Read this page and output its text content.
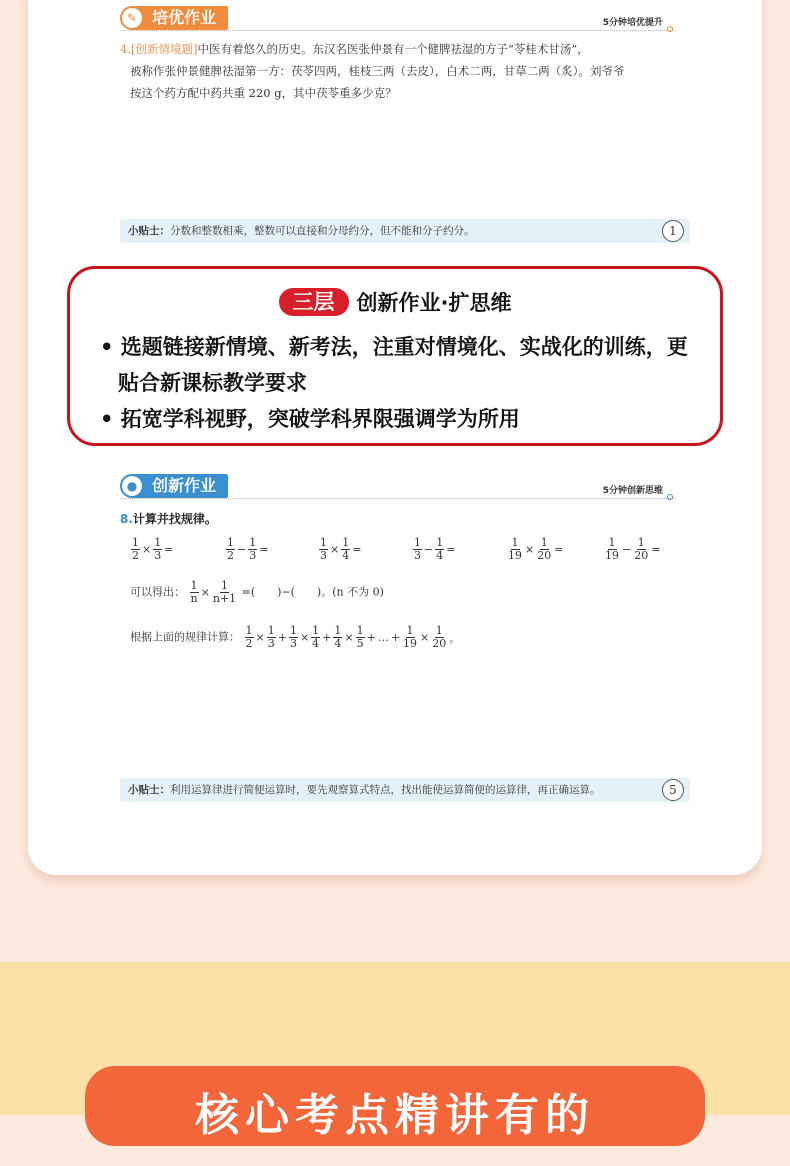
✎ 培优作业	5分钟培优提升
4.[创新情境题]中医有着悠久的历史。东汉名医张仲景有一个健脾祛湿的方子“苓桂术甘汤”，

被称作张仲景健脾祛湿第一方：茯苓四两，桂枝三两（去皮），白术二两，甘草二两（炙）。刘爷爷

按这个药方配中药共重 220 g，其中茯苓重多少克？

小贴士：分数和整数相乘，整数可以直接和分母约分，但不能和分子约分。	1
三层 创新作业·扩思维
• 选题链接新情境、新考法，注重对情境化、实战化的训练，更贴合新课标教学要求
• 拓宽学科视野，突破学科界限强调学为所用
● 创新作业	5分钟创新思维
8.计算并找规律。
$\frac{1}{2} \times \frac{1}{3}$ =	$\frac{1}{2} - \frac{1}{3}$ =	$\frac{1}{3} \times \frac{1}{4}$ =	$\frac{1}{3} - \frac{1}{4}$ =	$\frac{1}{19} \times \frac{1}{20}$ =	$\frac{1}{19} - \frac{1}{20}$ =
可以得出： $\frac{1}{n} \times \frac{1}{n+1}$ =(　　)−(　　)。(n 不为 0)
根据上面的规律计算： $\frac{1}{2} \times \frac{1}{3} + \frac{1}{3} \times \frac{1}{4} + \frac{1}{4} \times \frac{1}{5}$ + … + $\frac{1}{19} \times \frac{1}{20}$ 。
小贴士：利用运算律进行简便运算时，要先观察算式特点，找出能使运算简便的运算律，再正确运算。	5
核心考点精讲有的
